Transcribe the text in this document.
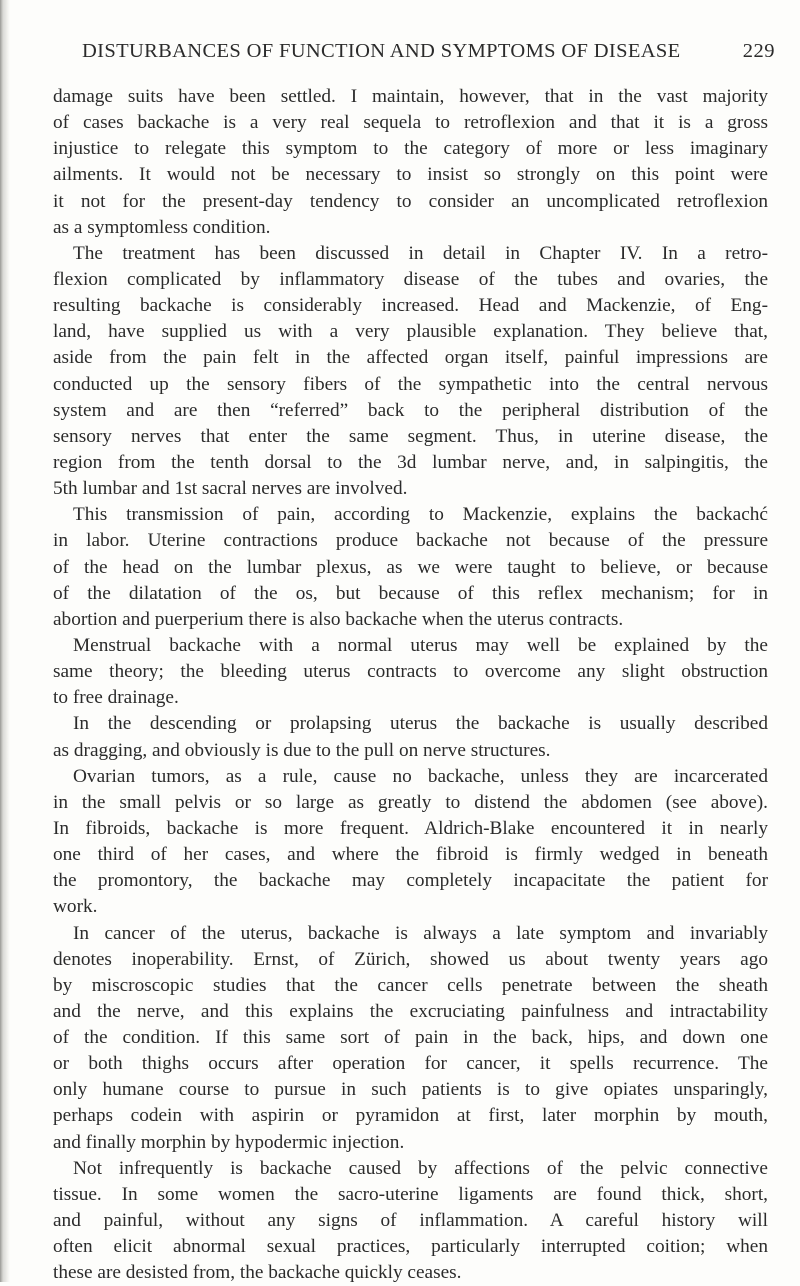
DISTURBANCES OF FUNCTION AND SYMPTOMS OF DISEASE	229
damage suits have been settled. I maintain, however, that in the vast majority
of cases backache is a very real sequela to retroflexion and that it is a gross
injustice to relegate this symptom to the category of more or less imaginary
ailments. It would not be necessary to insist so strongly on this point were
it not for the present-day tendency to consider an uncomplicated retroflexion
as a symptomless condition.
The treatment has been discussed in detail in Chapter IV. In a retro-
flexion complicated by inflammatory disease of the tubes and ovaries, the
resulting backache is considerably increased. Head and Mackenzie, of Eng-
land, have supplied us with a very plausible explanation. They believe that,
aside from the pain felt in the affected organ itself, painful impressions are
conducted up the sensory fibers of the sympathetic into the central nervous
system and are then “referred” back to the peripheral distribution of the
sensory nerves that enter the same segment. Thus, in uterine disease, the
region from the tenth dorsal to the 3d lumbar nerve, and, in salpingitis, the
5th lumbar and 1st sacral nerves are involved.
This transmission of pain, according to Mackenzie, explains the backachć
in labor. Uterine contractions produce backache not because of the pressure
of the head on the lumbar plexus, as we were taught to believe, or because
of the dilatation of the os, but because of this reflex mechanism; for in
abortion and puerperium there is also backache when the uterus contracts.
Menstrual backache with a normal uterus may well be explained by the
same theory; the bleeding uterus contracts to overcome any slight obstruction
to free drainage.
In the descending or prolapsing uterus the backache is usually described
as dragging, and obviously is due to the pull on nerve structures.
Ovarian tumors, as a rule, cause no backache, unless they are incarcerated
in the small pelvis or so large as greatly to distend the abdomen (see above).
In fibroids, backache is more frequent. Aldrich-Blake encountered it in nearly
one third of her cases, and where the fibroid is firmly wedged in beneath
the promontory, the backache may completely incapacitate the patient for
work.
In cancer of the uterus, backache is always a late symptom and invariably
denotes inoperability. Ernst, of Zürich, showed us about twenty years ago
by miscroscopic studies that the cancer cells penetrate between the sheath
and the nerve, and this explains the excruciating painfulness and intractability
of the condition. If this same sort of pain in the back, hips, and down one
or both thighs occurs after operation for cancer, it spells recurrence. The
only humane course to pursue in such patients is to give opiates unsparingly,
perhaps codein with aspirin or pyramidon at first, later morphin by mouth,
and finally morphin by hypodermic injection.
Not infrequently is backache caused by affections of the pelvic connective
tissue. In some women the sacro-uterine ligaments are found thick, short,
and painful, without any signs of inflammation. A careful history will
often elicit abnormal sexual practices, particularly interrupted coition; when
these are desisted from, the backache quickly ceases.
